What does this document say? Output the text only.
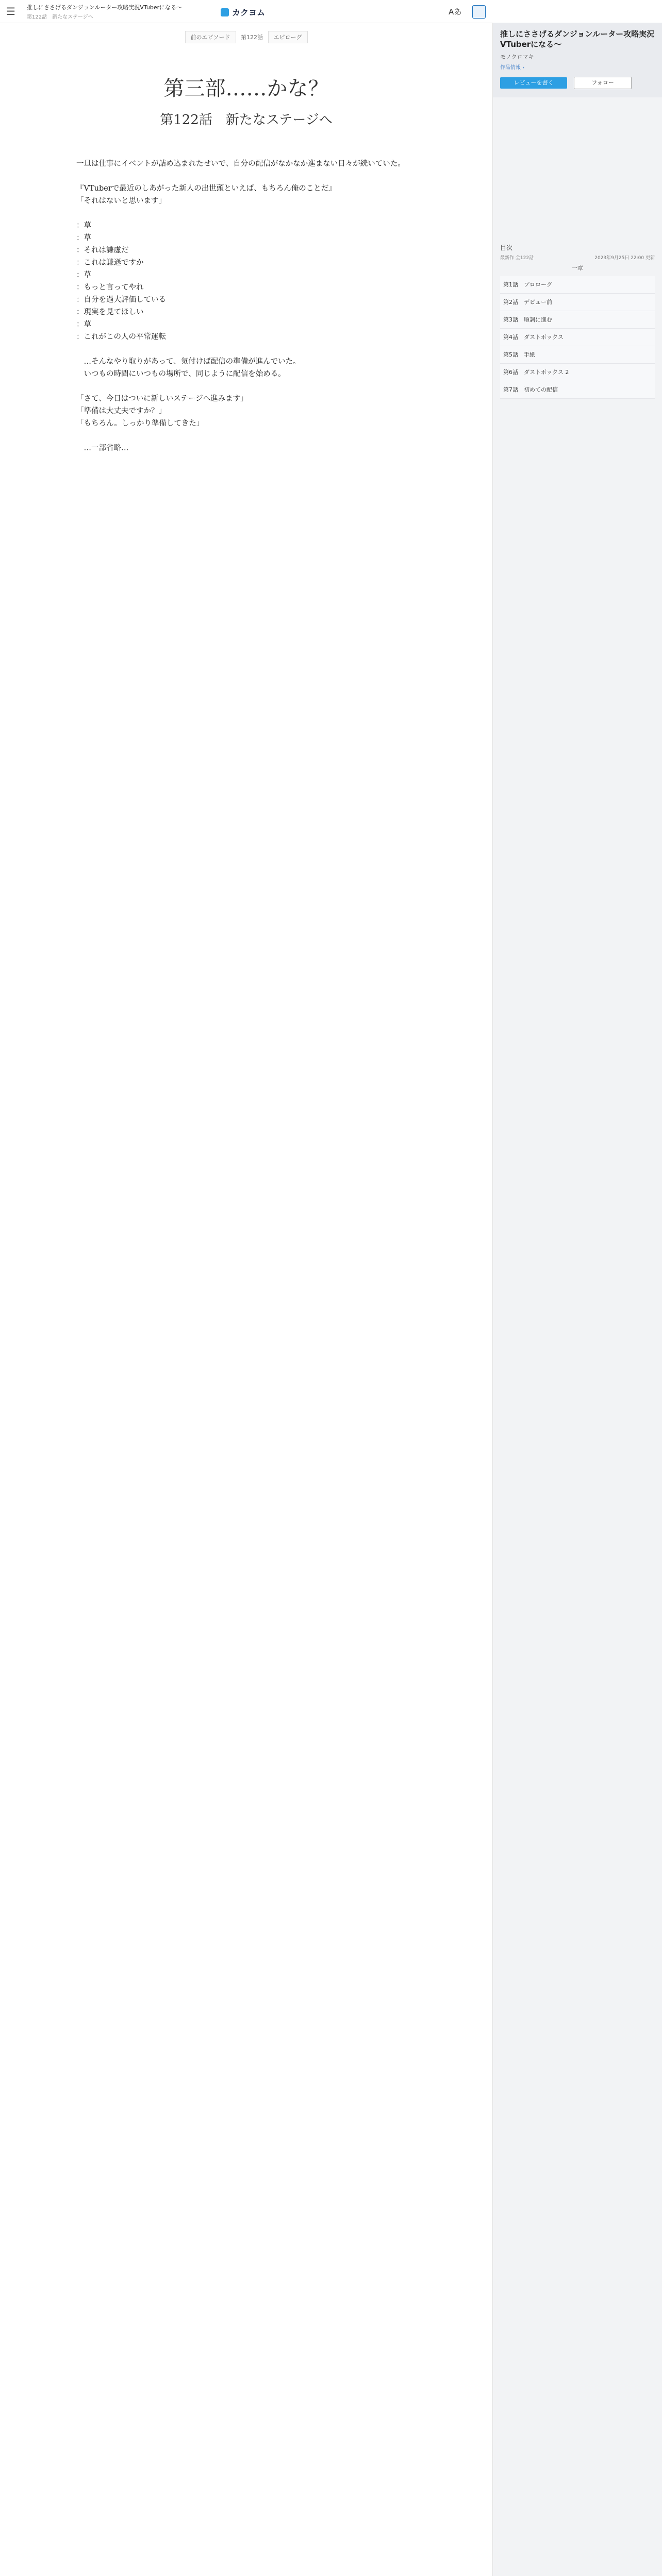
☰ 推しにささげるダンジョンルーター攻略実況VTuberになる〜
第122話　新たなステージへ	カクヨム	Aあ
前のエピソード 第122話 エピローグ
第三部……かな？
第122話　新たなステージへ

一旦は仕事にイベントが詰め込まれたせいで、自分の配信がなかなか進まない日々が続いていた。

『VTuberで最近のしあがった新人の出世頭といえば、もちろん俺のことだ』

「それはないと思います」

：草

：草

：それは謙虚だ

：これは謙遜ですか

：草

：もっと言ってやれ

：自分を過大評価している

：現実を見てほしい

：草

：これがこの人の平常運転

　…そんなやり取りがあって、気付けば配信の準備が進んでいた。

　いつもの時間にいつもの場所で、同じように配信を始める。

「さて、今日はついに新しいステージへ進みます」

「準備は大丈夫ですか？」

「もちろん。しっかり準備してきた」

　…一部省略…

推しにささげるダンジョンルーター攻略実況VTuberになる〜
モノクロマキ
作品情報 ›
レビューを書く	フォロー
目次
最新作 全122話	2023年9月25日 22:00 更新
一章
第1話　プロローグ
第2話　デビュー前
第3話　順調に進む
第4話　ダストボックス
第5話　手紙
第6話　ダストボックス 2
第7話　初めての配信
